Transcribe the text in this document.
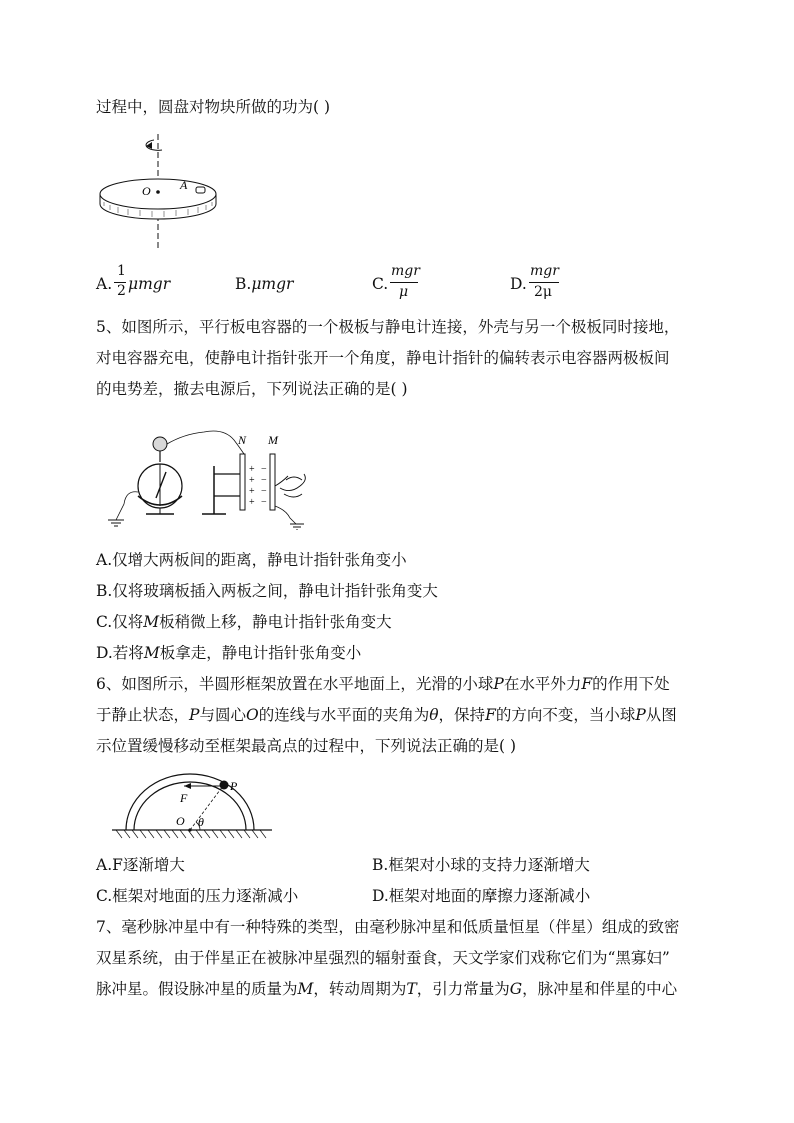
过程中，圆盘对物块所做的功为( )
O A
A.
1
2 μmgr	B.μmgr	C.
mgr
μ	D.
mgr
2μ
5、如图所示，平行板电容器的一个极板与静电计连接，外壳与另一个极板同时接地，
对电容器充电，使静电计指针张开一个角度，静电计指针的偏转表示电容器两极板间
的电势差，撤去电源后，下列说法正确的是( )
N
+
+
+
+
−
−
−
−
M
A.仅增大两板间的距离，静电计指针张角变小
B.仅将玻璃板插入两板之间，静电计指针张角变大
C.仅将M板稍微上移，静电计指针张角变大
D.若将M板拿走，静电计指针张角变小
6、如图所示，半圆形框架放置在水平地面上，光滑的小球P在水平外力F的作用下处
于静止状态，P与圆心O的连线与水平面的夹角为θ，保持F的方向不变，当小球P从图
示位置缓慢移动至框架最高点的过程中，下列说法正确的是( )
F
P
O θ
A.F逐渐增大	B.框架对小球的支持力逐渐增大
C.框架对地面的压力逐渐减小	D.框架对地面的摩擦力逐渐减小
7、毫秒脉冲星中有一种特殊的类型，由毫秒脉冲星和低质量恒星（伴星）组成的致密
双星系统，由于伴星正在被脉冲星强烈的辐射蚕食，天文学家们戏称它们为“黑寡妇”
脉冲星。假设脉冲星的质量为M，转动周期为T，引力常量为G，脉冲星和伴星的中心
